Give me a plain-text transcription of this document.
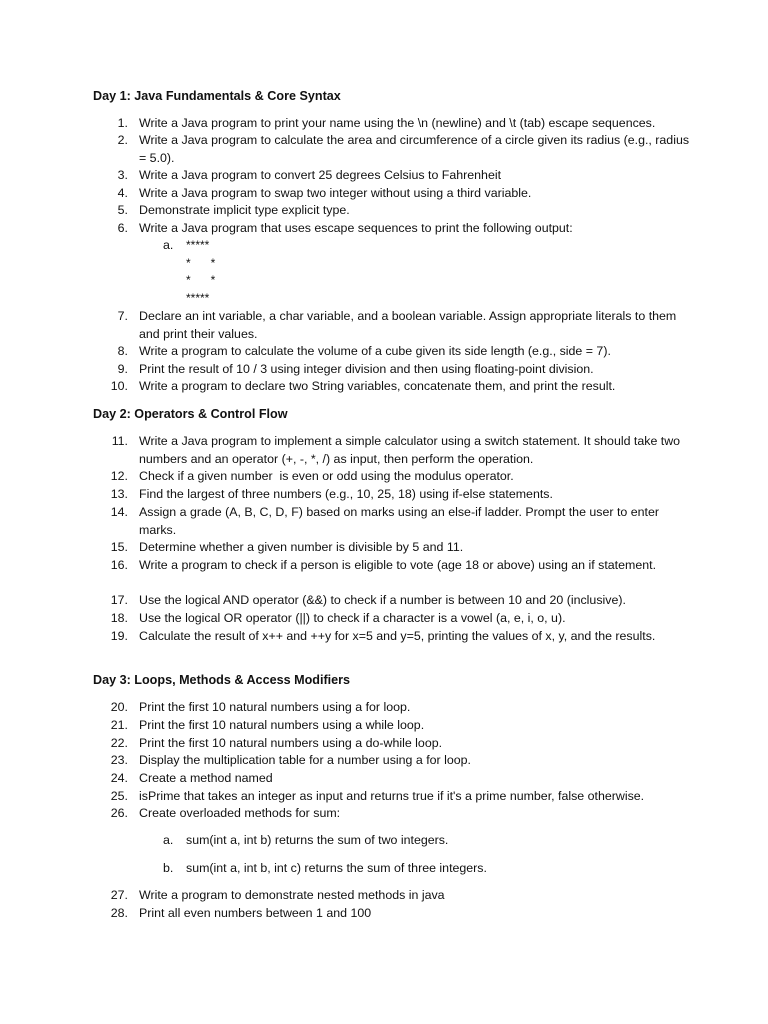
Day 1: Java Fundamentals & Core Syntax
1. Write a Java program to print your name using the \n (newline) and \t (tab) escape sequences.
2. Write a Java program to calculate the area and circumference of a circle given its radius (e.g., radius = 5.0).
3. Write a Java program to convert 25 degrees Celsius to Fahrenheit
4. Write a Java program to swap two integer without using a third variable.
5. Demonstrate implicit type explicit type.
6. Write a Java program that uses escape sequences to print the following output:
a. *****
*      *
*      *
*****
7. Declare an int variable, a char variable, and a boolean variable. Assign appropriate literals to them and print their values.
8. Write a program to calculate the volume of a cube given its side length (e.g., side = 7).
9. Print the result of 10 / 3 using integer division and then using floating-point division.
10. Write a program to declare two String variables, concatenate them, and print the result.
Day 2: Operators & Control Flow
11. Write a Java program to implement a simple calculator using a switch statement. It should take two numbers and an operator (+, -, *, /) as input, then perform the operation.
12. Check if a given number  is even or odd using the modulus operator.
13. Find the largest of three numbers (e.g., 10, 25, 18) using if-else statements.
14. Assign a grade (A, B, C, D, F) based on marks using an else-if ladder. Prompt the user to enter marks.
15. Determine whether a given number is divisible by 5 and 11.
16. Write a program to check if a person is eligible to vote (age 18 or above) using an if statement.
17. Use the logical AND operator (&&) to check if a number is between 10 and 20 (inclusive).
18. Use the logical OR operator (||) to check if a character is a vowel (a, e, i, o, u).
19. Calculate the result of x++ and ++y for x=5 and y=5, printing the values of x, y, and the results.
Day 3: Loops, Methods & Access Modifiers
20. Print the first 10 natural numbers using a for loop.
21. Print the first 10 natural numbers using a while loop.
22. Print the first 10 natural numbers using a do-while loop.
23. Display the multiplication table for a number using a for loop.
24. Create a method named
25. isPrime that takes an integer as input and returns true if it's a prime number, false otherwise.
26. Create overloaded methods for sum:
a. sum(int a, int b) returns the sum of two integers.
b. sum(int a, int b, int c) returns the sum of three integers.
27. Write a program to demonstrate nested methods in java
28. Print all even numbers between 1 and 100
